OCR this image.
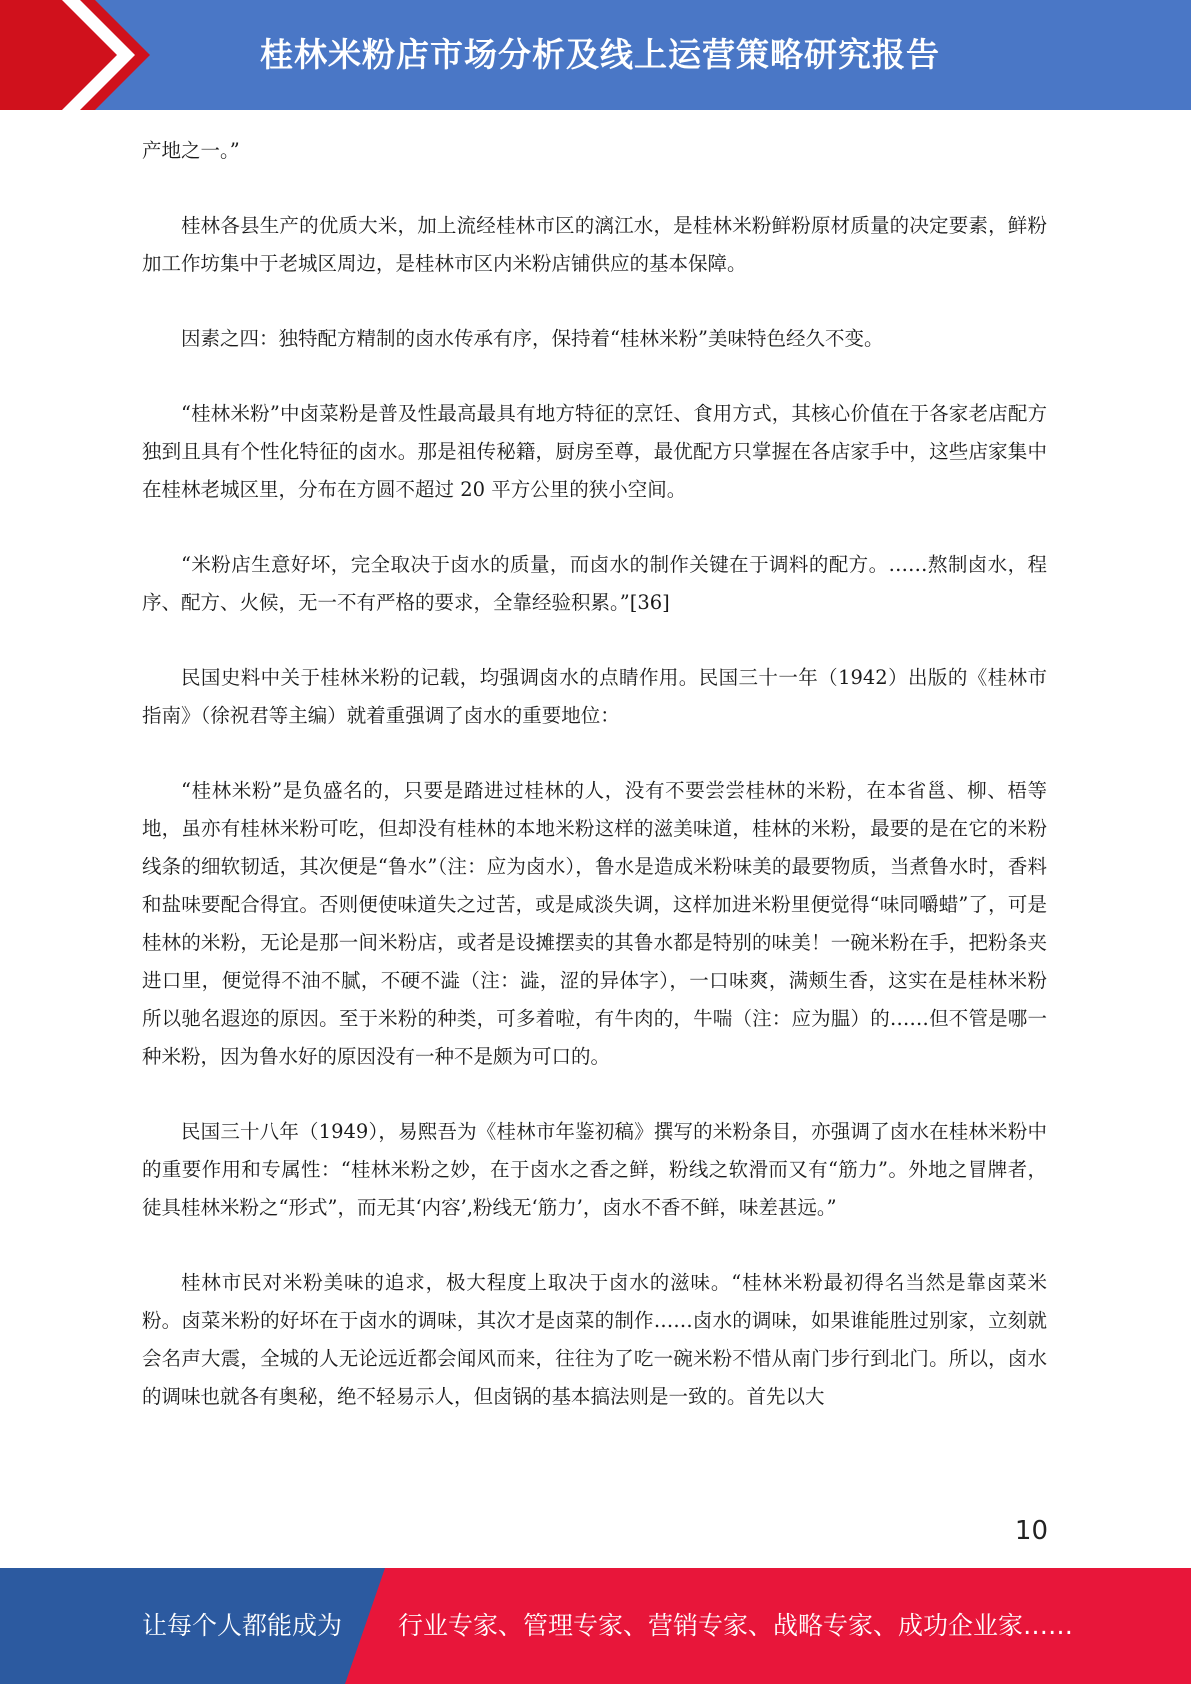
桂林米粉店市场分析及线上运营策略研究报告

产地之一。”

桂林各县生产的优质大米，加上流经桂林市区的漓江水，是桂林米粉鲜粉原材质量的决定要素，鲜粉加工作坊集中于老城区周边，是桂林市区内米粉店铺供应的基本保障。

因素之四：独特配方精制的卤水传承有序，保持着“桂林米粉”美味特色经久不变。

“桂林米粉”中卤菜粉是普及性最高最具有地方特征的烹饪、食用方式，其核心价值在于各家老店配方独到且具有个性化特征的卤水。那是祖传秘籍，厨房至尊，最优配方只掌握在各店家手中，这些店家集中在桂林老城区里，分布在方圆不超过 20 平方公里的狭小空间。

“米粉店生意好坏，完全取决于卤水的质量，而卤水的制作关键在于调料的配方。……熬制卤水，程序、配方、火候，无一不有严格的要求，全靠经验积累。”[36]

民国史料中关于桂林米粉的记载，均强调卤水的点睛作用。民国三十一年（1942）出版的《桂林市指南》（徐祝君等主编）就着重强调了卤水的重要地位：

“桂林米粉”是负盛名的，只要是踏进过桂林的人，没有不要尝尝桂林的米粉，在本省邕、柳、梧等地，虽亦有桂林米粉可吃，但却没有桂林的本地米粉这样的滋美味道，桂林的米粉，最要的是在它的米粉线条的细软韧适，其次便是“鲁水”（注：应为卤水），鲁水是造成米粉味美的最要物质，当煮鲁水时，香料和盐味要配合得宜。否则便使味道失之过苦，或是咸淡失调，这样加进米粉里便觉得“味同嚼蜡”了，可是桂林的米粉，无论是那一间米粉店，或者是设摊摆卖的其鲁水都是特别的味美！一碗米粉在手，把粉条夹进口里，便觉得不油不腻，不硬不澁（注：澁，涩的异体字），一口味爽，满颊生香，这实在是桂林米粉所以驰名遐迩的原因。至于米粉的种类，可多着啦，有牛肉的，牛喘（注：应为腽）的……但不管是哪一种米粉，因为鲁水好的原因没有一种不是颇为可口的。

民国三十八年（1949），易熙吾为《桂林市年鉴初稿》撰写的米粉条目，亦强调了卤水在桂林米粉中的重要作用和专属性：“桂林米粉之妙，在于卤水之香之鲜，粉线之软滑而又有“筋力”。外地之冒牌者，徒具桂林米粉之“形式”，而无其‘内容’,粉线无‘筋力’，卤水不香不鲜，味差甚远。”

桂林市民对米粉美味的追求，极大程度上取决于卤水的滋味。“桂林米粉最初得名当然是靠卤菜米粉。卤菜米粉的好坏在于卤水的调味，其次才是卤菜的制作……卤水的调味，如果谁能胜过别家，立刻就会名声大震，全城的人无论远近都会闻风而来，往往为了吃一碗米粉不惜从南门步行到北门。所以，卤水的调味也就各有奥秘，绝不轻易示人，但卤锅的基本搞法则是一致的。首先以大

10
让每个人都能成为 行业专家、管理专家、营销专家、战略专家、成功企业家……
